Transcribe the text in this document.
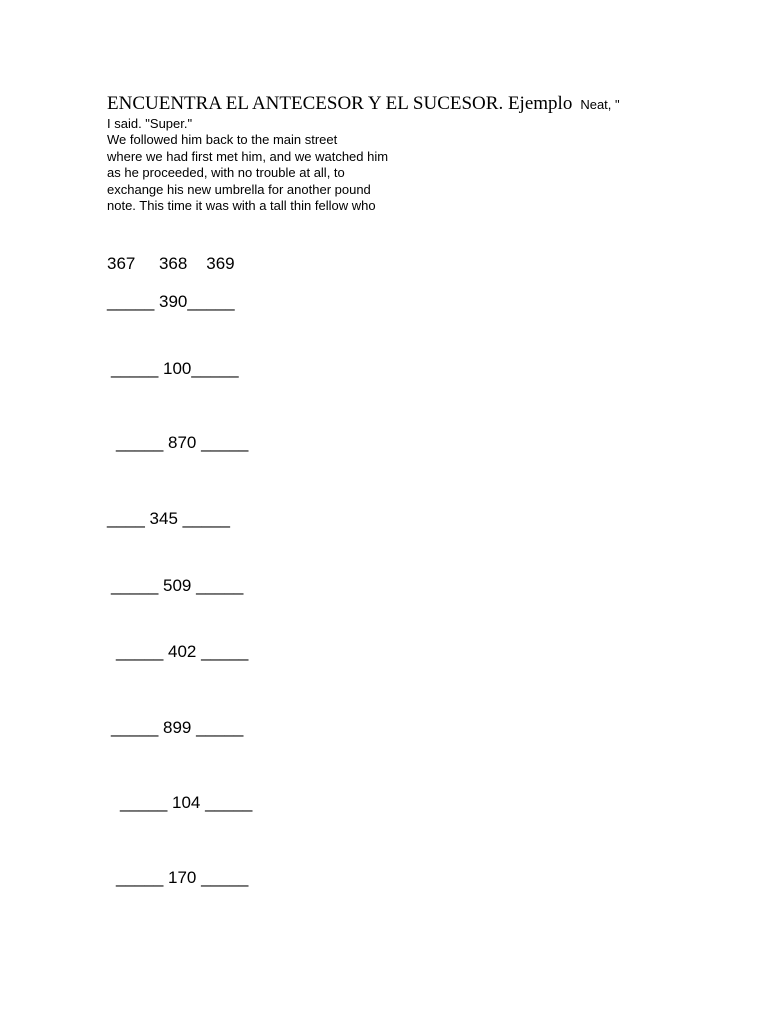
ENCUENTRA EL ANTECESOR Y EL SUCESOR. Ejemplo Neat, "

I said. "Super."
We followed him back to the main street
where we had first met him, and we watched him
as he proceeded, with no trouble at all, to
exchange his new umbrella for another pound
note. This time it was with a tall thin fellow who

367     368    369
_____ 390_____
_____ 100_____
_____ 870 _____
____ 345 _____
_____ 509 _____
_____ 402 _____
_____ 899 _____
_____ 104 _____
_____ 170 _____
